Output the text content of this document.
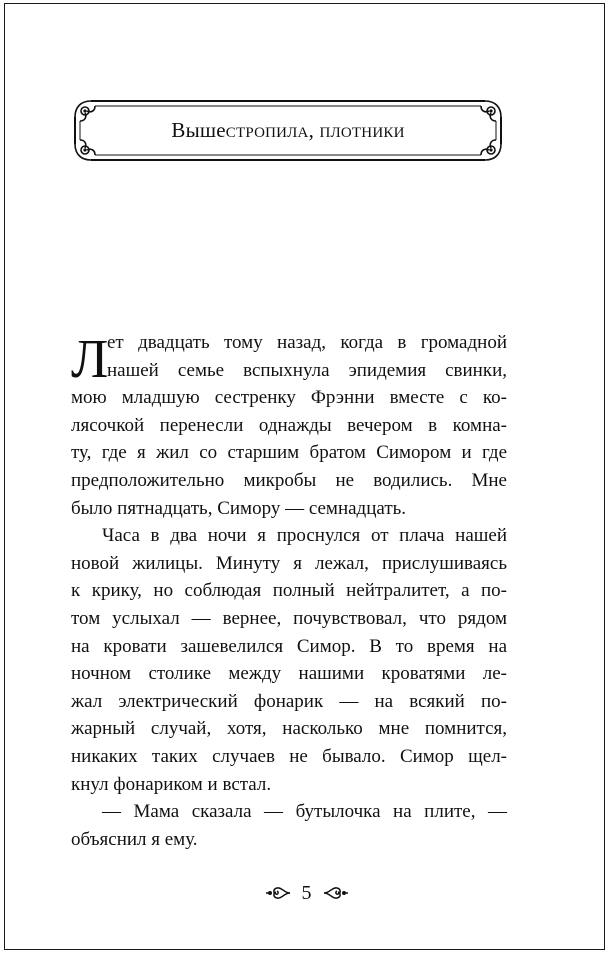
Выше стропила, плотники
Л
ет двадцать тому назад, когда в громадной
нашей семье вспыхнула эпидемия свинки,
мою младшую сестренку Фрэнни вместе с ко-
лясочкой перенесли однажды вечером в комна-
ту, где я жил со старшим братом Симором и где
предположительно микробы не водились. Мне
было пятнадцать, Симору — семнадцать.
Часа в два ночи я проснулся от плача нашей
новой жилицы. Минуту я лежал, прислушиваясь
к крику, но соблюдая полный нейтралитет, а по-
том услыхал — вернее, почувствовал, что рядом
на кровати зашевелился Симор. В то время на
ночном столике между нашими кроватями ле-
жал электрический фонарик — на всякий по-
жарный случай, хотя, насколько мне помнится,
никаких таких случаев не бывало. Симор щел-
кнул фонариком и встал.
— Мама сказала — бутылочка на плите, —
объяснил я ему.
5
